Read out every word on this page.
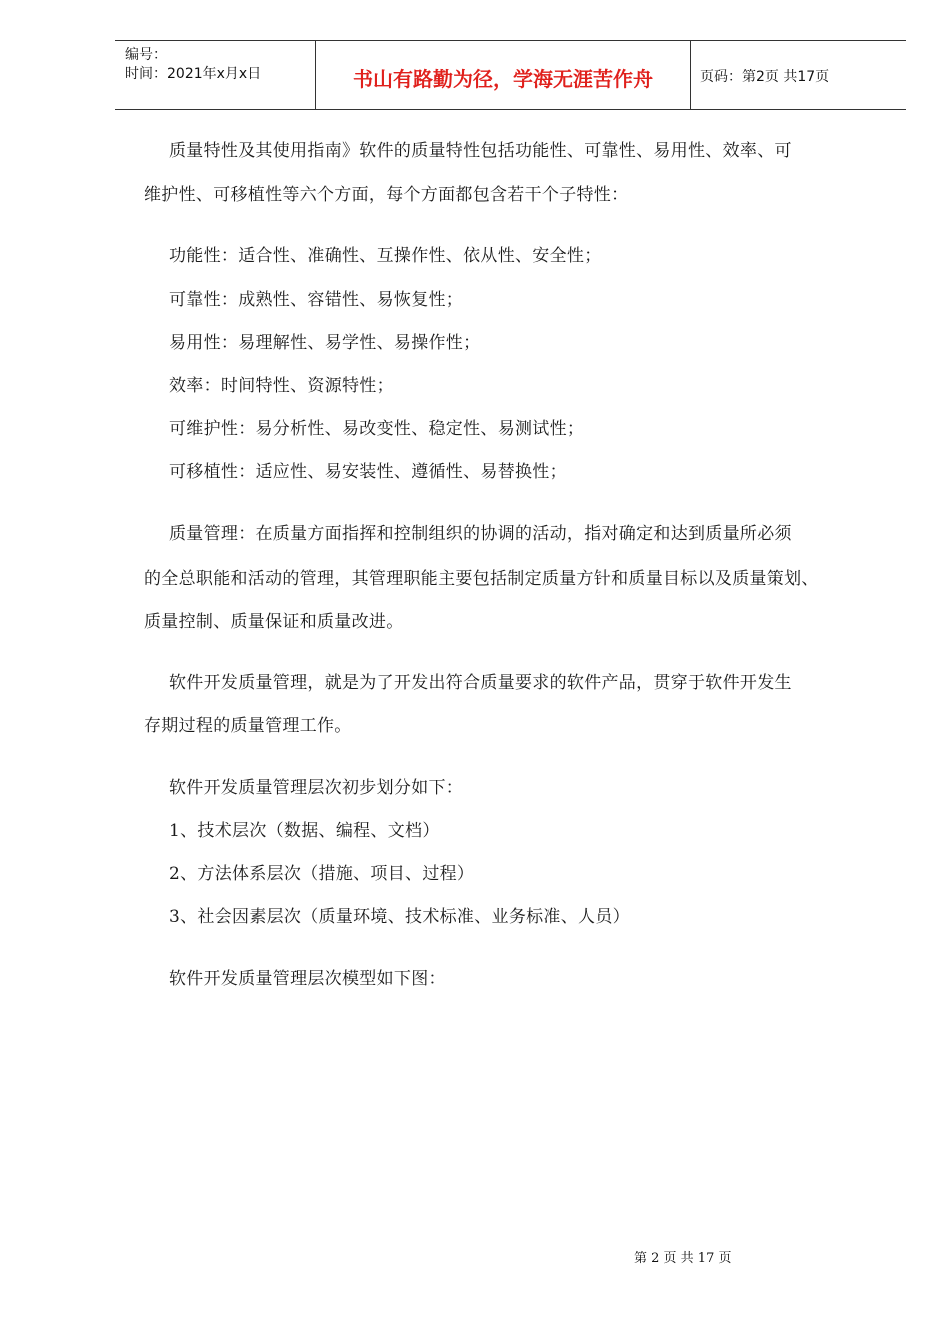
编号：
时间：2021年x月x日	书山有路勤为径，学海无涯苦作舟	页码：第2页 共17页
质量特性及其使用指南》软件的质量特性包括功能性、可靠性、易用性、效率、可
维护性、可移植性等六个方面，每个方面都包含若干个子特性：
功能性：适合性、准确性、互操作性、依从性、安全性；
可靠性：成熟性、容错性、易恢复性；
易用性：易理解性、易学性、易操作性；
效率：时间特性、资源特性；
可维护性：易分析性、易改变性、稳定性、易测试性；
可移植性：适应性、易安装性、遵循性、易替换性；
质量管理：在质量方面指挥和控制组织的协调的活动，指对确定和达到质量所必须
的全总职能和活动的管理，其管理职能主要包括制定质量方针和质量目标以及质量策划、
质量控制、质量保证和质量改进。
软件开发质量管理，就是为了开发出符合质量要求的软件产品，贯穿于软件开发生
存期过程的质量管理工作。
软件开发质量管理层次初步划分如下：
1、技术层次（数据、编程、文档）
2、方法体系层次（措施、项目、过程）
3、社会因素层次（质量环境、技术标准、业务标准、人员）
软件开发质量管理层次模型如下图：
第 2 页 共 17 页
